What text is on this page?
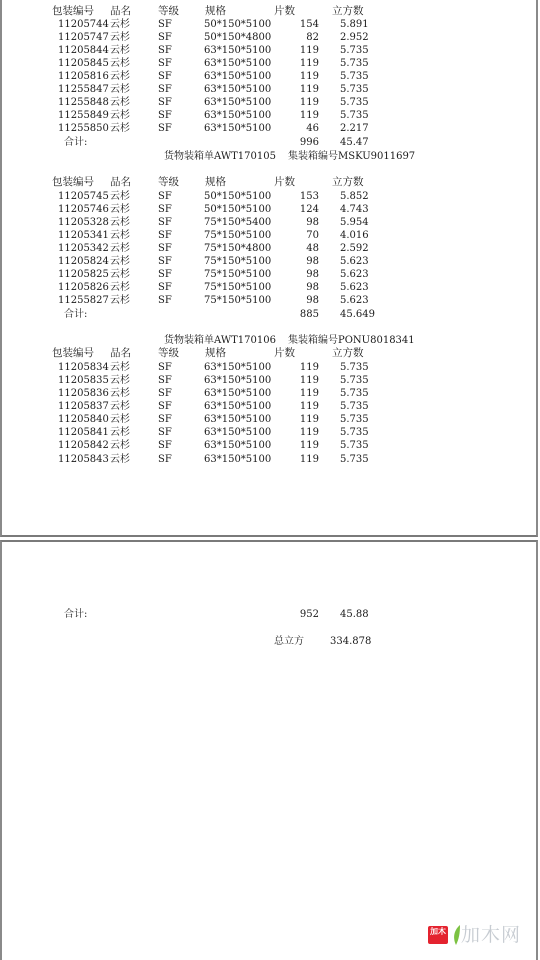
包装编号 品名	等级 规格	片数	立方数
11205744 云杉	SF	50*150*5100	154 5.891
11205747 云杉	SF	50*150*4800	82 2.952
11205844 云杉	SF	63*150*5100	119 5.735
11205845 云杉	SF	63*150*5100	119 5.735
11205816 云杉	SF	63*150*5100	119 5.735
11255847 云杉	SF	63*150*5100	119 5.735
11255848 云杉	SF	63*150*5100	119 5.735
11255849 云杉	SF	63*150*5100	119 5.735
11255850 云杉	SF	63*150*5100	46 2.217
合计:	996 45.47
货物装箱单AWT170105 集装箱编号MSKU9011697
包装编号 品名	等级 规格	片数	立方数
11205745 云杉	SF	50*150*5100	153 5.852
11205746 云杉	SF	50*150*5100	124 4.743
11205328 云杉	SF	75*150*5400	98 5.954
11205341 云杉	SF	75*150*5100	70 4.016
11205342 云杉	SF	75*150*4800	48 2.592
11205824 云杉	SF	75*150*5100	98 5.623
11205825 云杉	SF	75*150*5100	98 5.623
11205826 云杉	SF	75*150*5100	98 5.623
11255827 云杉	SF	75*150*5100	98 5.623
合计:	885 45.649
货物装箱单AWT170106 集装箱编号PONU8018341
包装编号 品名	等级 规格	片数	立方数
11205834 云杉	SF	63*150*5100	119 5.735
11205835 云杉	SF	63*150*5100	119 5.735
11205836 云杉	SF	63*150*5100	119 5.735
11205837 云杉	SF	63*150*5100	119 5.735
11205840 云杉	SF	63*150*5100	119 5.735
11205841 云杉	SF	63*150*5100	119 5.735
11205842 云杉	SF	63*150*5100	119 5.735
11205843 云杉	SF	63*150*5100	119 5.735
合计:	952 45.88
总立方	334.878
加木 加木网
